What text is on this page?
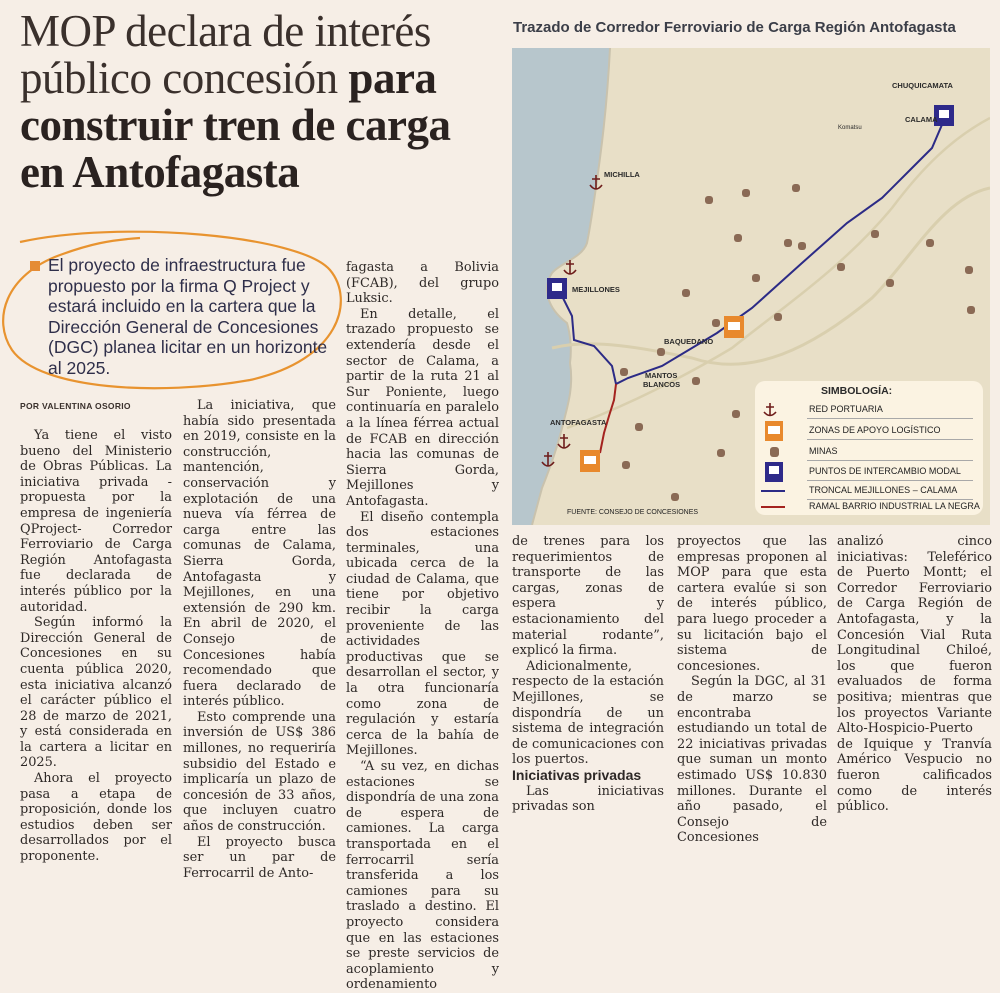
MOP declara de interés público concesión para construir tren de carga en Antofagasta
El proyecto de infraestructura fue propuesto por la firma Q Project y estará incluido en la cartera que la Dirección General de Concesiones (DGC) planea licitar en un horizonte al 2025.
POR VALENTINA OSORIO

Ya tiene el visto bueno del Ministerio de Obras Públicas. La iniciativa privada -propuesta por la empresa de ingeniería QProject- Corredor Ferroviario de Carga Región Antofagasta fue declarada de interés público por la autoridad.

Según informó la Dirección General de Concesiones en su cuenta pública 2020, esta iniciativa alcanzó el carácter público el 28 de marzo de 2021, y está considerada en la cartera a licitar en 2025.

Ahora el proyecto pasa a etapa de proposición, donde los estudios deben ser desarrollados por el proponente.

La iniciativa, que había sido presentada en 2019, consiste en la construcción, mantención, conservación y explotación de una nueva vía férrea de carga entre las comunas de Calama, Sierra Gorda, Antofagasta y Mejillones, en una extensión de 290 km. En abril de 2020, el Consejo de Concesiones había recomendado que fuera declarado de interés público.

Esto comprende una inversión de US$ 386 millones, no requeriría subsidio del Estado e implicaría un plazo de concesión de 33 años, que incluyen cuatro años de construcción.

El proyecto busca ser un par de Ferrocarril de Anto-

fagasta a Bolivia (FCAB), del grupo Luksic.

En detalle, el trazado propuesto se extendería desde el sector de Calama, a partir de la ruta 21 al Sur Poniente, luego continuaría en paralelo a la línea férrea actual de FCAB en dirección hacia las comunas de Sierra Gorda, Mejillones y Antofagasta.

El diseño contempla dos estaciones terminales, una ubicada cerca de la ciudad de Calama, que tiene por objetivo recibir la carga proveniente de las actividades productivas que se desarrollan el sector, y la otra funcionaría como zona de regulación y estaría cerca de la bahía de Mejillones.

“A su vez, en dichas estaciones se dispondría de una zona de espera de camiones. La carga transportada en el ferrocarril sería transferida a los camiones para su traslado a destino. El proyecto considera que en las estaciones se preste servicios de acoplamiento y ordenamiento

de trenes para los requerimientos de transporte de las cargas, zonas de espera y estacionamiento del material rodante”, explicó la firma.

Adicionalmente, respecto de la estación Mejillones, se dispondría de un sistema de integración de comunicaciones con los puertos.

Iniciativas privadas

Las iniciativas privadas son

proyectos que las empresas proponen al MOP para que esta cartera evalúe si son de interés público, para luego proceder a su licitación bajo el sistema de concesiones.

Según la DGC, al 31 de marzo se encontraba estudiando un total de 22 iniciativas privadas que suman un monto estimado US$ 10.830 millones. Durante el año pasado, el Consejo de Concesiones

analizó cinco iniciativas: Teleférico de Puerto Montt; el Corredor Ferroviario de Carga Región de Antofagasta, y la Concesión Vial Ruta Longitudinal Chiloé, los que fueron evaluados de forma positiva; mientras que los proyectos Variante Alto-Hospicio-Puerto de Iquique y Tranvía Américo Vespucio no fueron calificados como de interés público.

Trazado de Corredor Ferroviario de Carga Región Antofagasta
CHUQUICAMATA
CALAMA
Komatsu
MICHILLA
MEJILLONES
BAQUEDANO
MANTOS
BLANCOS
ANTOFAGASTA
FUENTE: CONSEJO DE CONCESIONES
SIMBOLOGÍA:
RED PORTUARIA
ZONAS DE APOYO LOGÍSTICO
MINAS
PUNTOS DE INTERCAMBIO MODAL
TRONCAL MEJILLONES – CALAMA
RAMAL BARRIO INDUSTRIAL LA NEGRA
